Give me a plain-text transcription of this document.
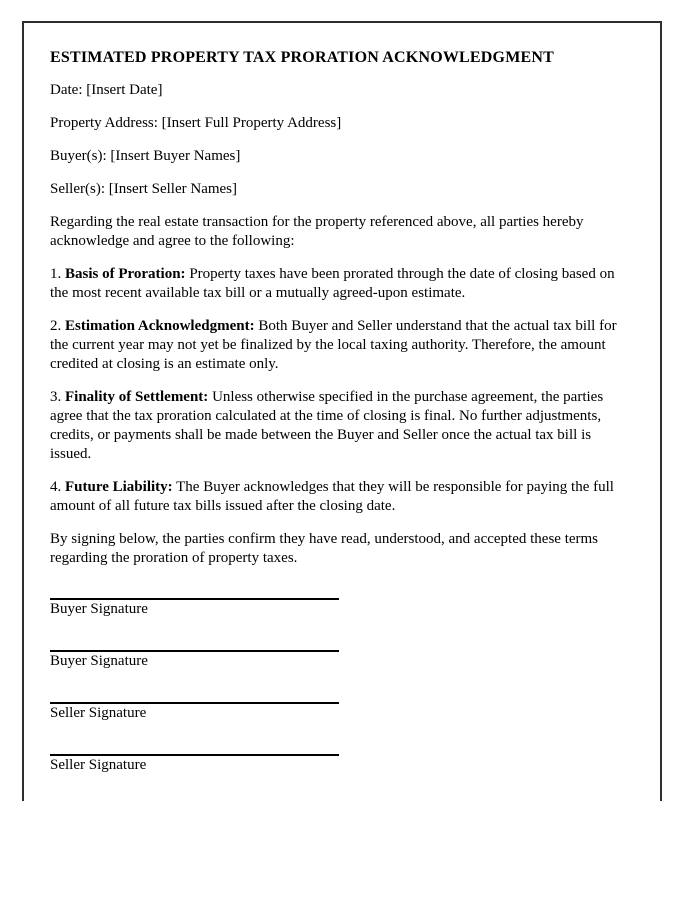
ESTIMATED PROPERTY TAX PRORATION ACKNOWLEDGMENT

Date: [Insert Date]

Property Address: [Insert Full Property Address]

Buyer(s): [Insert Buyer Names]

Seller(s): [Insert Seller Names]

Regarding the real estate transaction for the property referenced above, all parties hereby acknowledge and agree to the following:

1. Basis of Proration: Property taxes have been prorated through the date of closing based on the most recent available tax bill or a mutually agreed-upon estimate.

2. Estimation Acknowledgment: Both Buyer and Seller understand that the actual tax bill for the current year may not yet be finalized by the local taxing authority. Therefore, the amount credited at closing is an estimate only.

3. Finality of Settlement: Unless otherwise specified in the purchase agreement, the parties agree that the tax proration calculated at the time of closing is final. No further adjustments, credits, or payments shall be made between the Buyer and Seller once the actual tax bill is issued.

4. Future Liability: The Buyer acknowledges that they will be responsible for paying the full amount of all future tax bills issued after the closing date.

By signing below, the parties confirm they have read, understood, and accepted these terms regarding the proration of property taxes.

Buyer Signature
Buyer Signature
Seller Signature
Seller Signature
